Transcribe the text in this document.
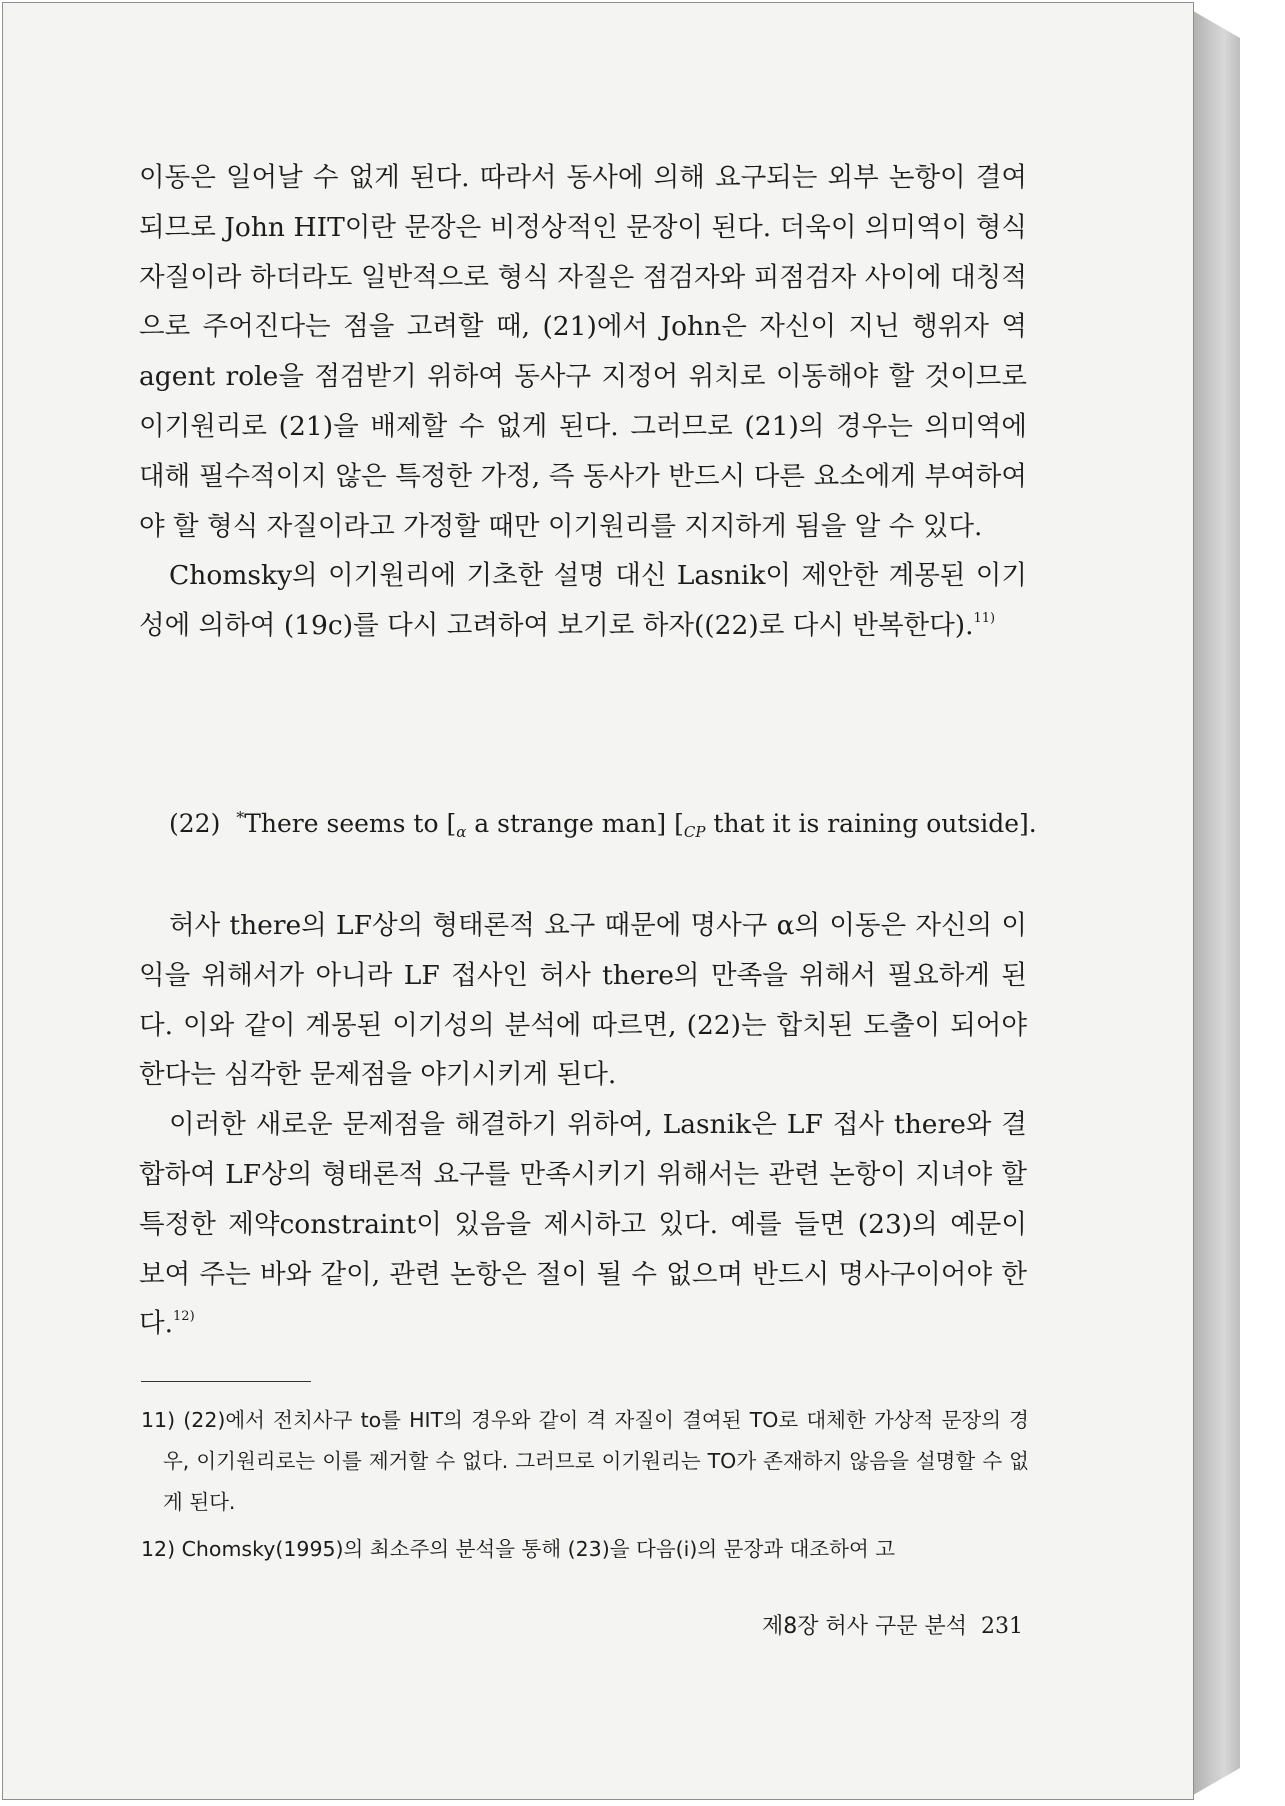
이동은 일어날 수 없게 된다. 따라서 동사에 의해 요구되는 외부 논항이 결여되므로 John HIT이란 문장은 비정상적인 문장이 된다. 더욱이 의미역이 형식 자질이라 하더라도 일반적으로 형식 자질은 점검자와 피점검자 사이에 대칭적으로 주어진다는 점을 고려할 때, (21)에서 John은 자신이 지닌 행위자 역agent role을 점검받기 위하여 동사구 지정어 위치로 이동해야 할 것이므로 이기원리로 (21)을 배제할 수 없게 된다. 그러므로 (21)의 경우는 의미역에 대해 필수적이지 않은 특정한 가정, 즉 동사가 반드시 다른 요소에게 부여하여야 할 형식 자질이라고 가정할 때만 이기원리를 지지하게 됨을 알 수 있다.

Chomsky의 이기원리에 기초한 설명 대신 Lasnik이 제안한 계몽된 이기성에 의하여 (19c)를 다시 고려하여 보기로 하자((22)로 다시 반복한다).$^{11)}$

(22) *There seems to [$_\alpha$ a strange man] [$_{CP}$ that it is raining outside].

허사 there의 LF상의 형태론적 요구 때문에 명사구 α의 이동은 자신의 이익을 위해서가 아니라 LF 접사인 허사 there의 만족을 위해서 필요하게 된다. 이와 같이 계몽된 이기성의 분석에 따르면, (22)는 합치된 도출이 되어야 한다는 심각한 문제점을 야기시키게 된다.

이러한 새로운 문제점을 해결하기 위하여, Lasnik은 LF 접사 there와 결합하여 LF상의 형태론적 요구를 만족시키기 위해서는 관련 논항이 지녀야 할 특정한 제약constraint이 있음을 제시하고 있다. 예를 들면 (23)의 예문이 보여 주는 바와 같이, 관련 논항은 절이 될 수 없으며 반드시 명사구이어야 한다.$^{12)}$

11) (22)에서 전치사구 to를 HIT의 경우와 같이 격 자질이 결여된 TO로 대체한 가상적 문장의 경우, 이기원리로는 이를 제거할 수 없다. 그러므로 이기원리는 TO가 존재하지 않음을 설명할 수 없게 된다.

12) Chomsky(1995)의 최소주의 분석을 통해 (23)을 다음(i)의 문장과 대조하여 고

제8장 허사 구문 분석 231
